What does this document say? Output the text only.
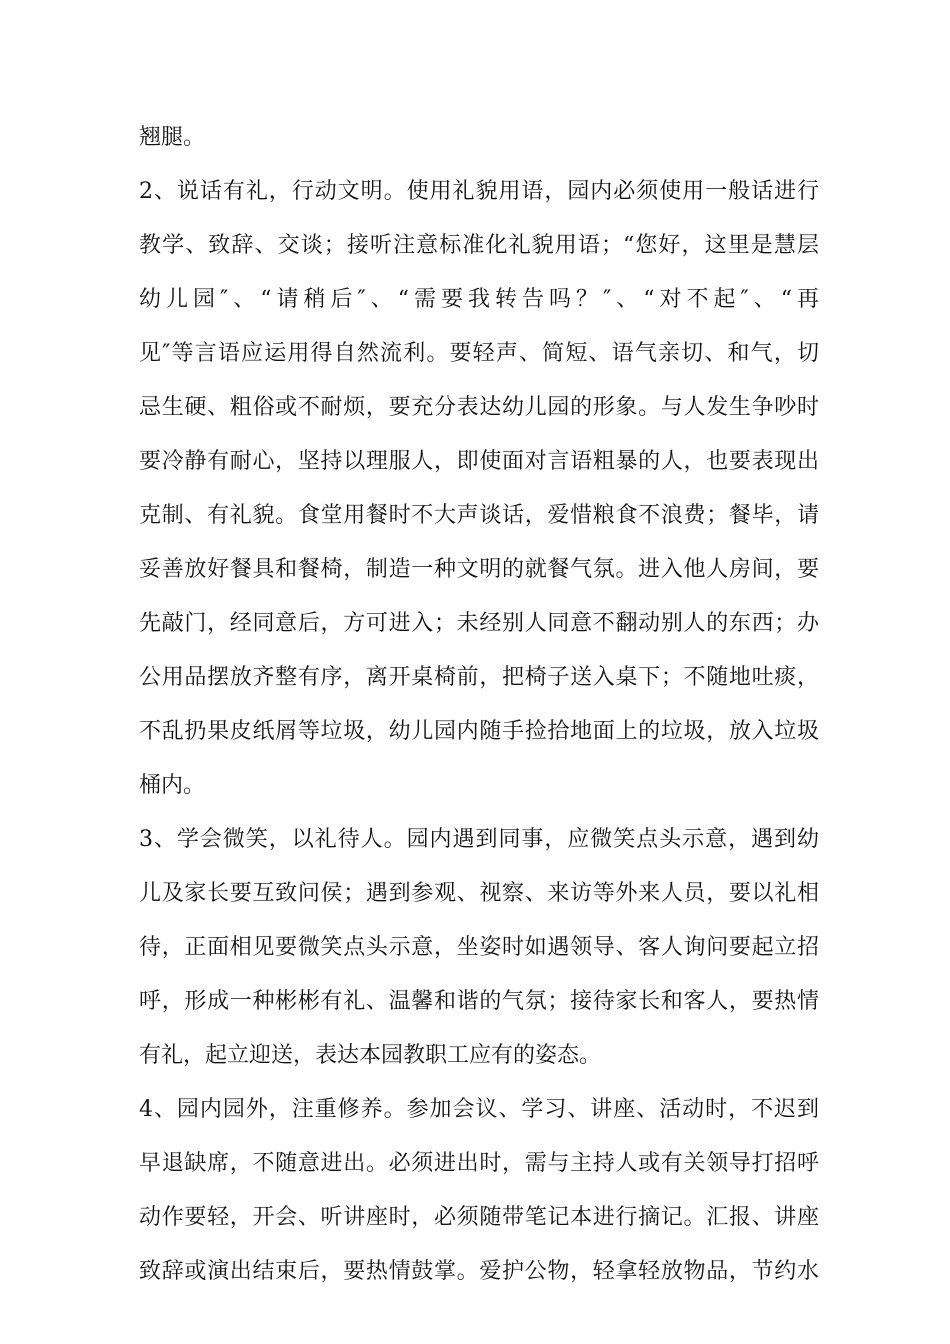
翘腿。
2、说话有礼，行动文明。使用礼貌用语，园内必须使用一般话进行
教学、致辞、交谈；接听注意标准化礼貌用语；“您好，这里是慧层
幼儿园″、“请稍后″、“需要我转告吗？″、“对不起″、“再
见″等言语应运用得自然流利。要轻声、简短、语气亲切、和气，切
忌生硬、粗俗或不耐烦，要充分表达幼儿园的形象。与人发生争吵时
要冷静有耐心，坚持以理服人，即使面对言语粗暴的人，也要表现出
克制、有礼貌。食堂用餐时不大声谈话，爱惜粮食不浪费；餐毕，请
妥善放好餐具和餐椅，制造一种文明的就餐气氛。进入他人房间，要
先敲门，经同意后，方可进入；未经别人同意不翻动别人的东西；办
公用品摆放齐整有序，离开桌椅前，把椅子送入桌下；不随地吐痰，
不乱扔果皮纸屑等垃圾，幼儿园内随手捡拾地面上的垃圾，放入垃圾
桶内。
3、学会微笑，以礼待人。园内遇到同事，应微笑点头示意，遇到幼
儿及家长要互致问侯；遇到参观、视察、来访等外来人员，要以礼相
待，正面相见要微笑点头示意，坐姿时如遇领导、客人询问要起立招
呼，形成一种彬彬有礼、温馨和谐的气氛；接待家长和客人，要热情
有礼，起立迎送，表达本园教职工应有的姿态。
4、园内园外，注重修养。参加会议、学习、讲座、活动时，不迟到
早退缺席，不随意进出。必须进出时，需与主持人或有关领导打招呼
动作要轻，开会、听讲座时，必须随带笔记本进行摘记。汇报、讲座
致辞或演出结束后，要热情鼓掌。爱护公物，轻拿轻放物品，节约水
